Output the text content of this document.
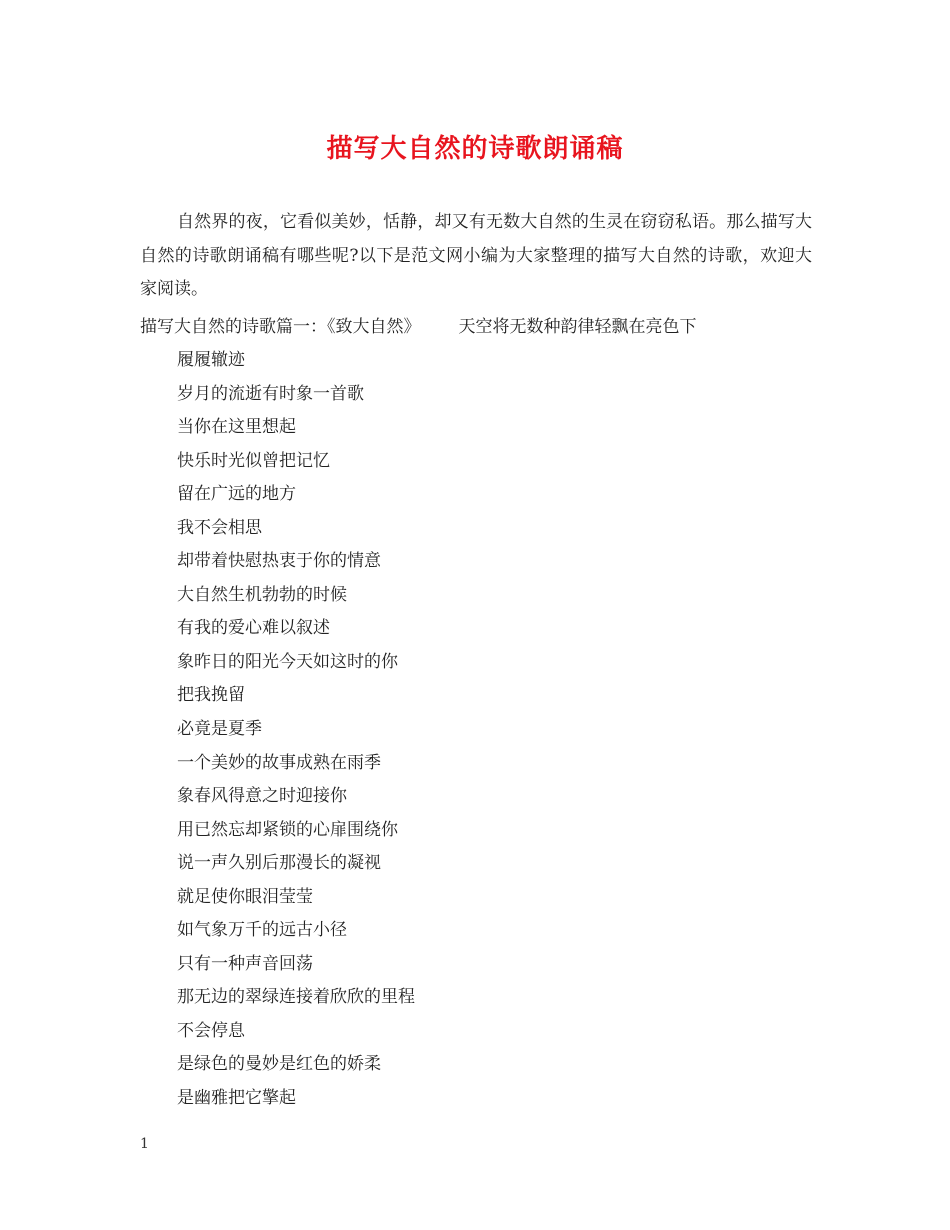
描写大自然的诗歌朗诵稿

自然界的夜，它看似美妙，恬静，却又有无数大自然的生灵在窃窃私语。那么描写大自然的诗歌朗诵稿有哪些呢?以下是范文网小编为大家整理的描写大自然的诗歌，欢迎大家阅读。

描写大自然的诗歌篇一：《致大自然》 天空将无数种韵律轻飘在亮色下
履履辙迹
岁月的流逝有时象一首歌
当你在这里想起
快乐时光似曾把记忆
留在广远的地方
我不会相思
却带着快慰热衷于你的情意
大自然生机勃勃的时候
有我的爱心难以叙述
象昨日的阳光今天如这时的你
把我挽留
必竟是夏季
一个美妙的故事成熟在雨季
象春风得意之时迎接你
用已然忘却紧锁的心扉围绕你
说一声久别后那漫长的凝视
就足使你眼泪莹莹
如气象万千的远古小径
只有一种声音回荡
那无边的翠绿连接着欣欣的里程
不会停息
是绿色的曼妙是红色的娇柔
是幽雅把它擎起
1
